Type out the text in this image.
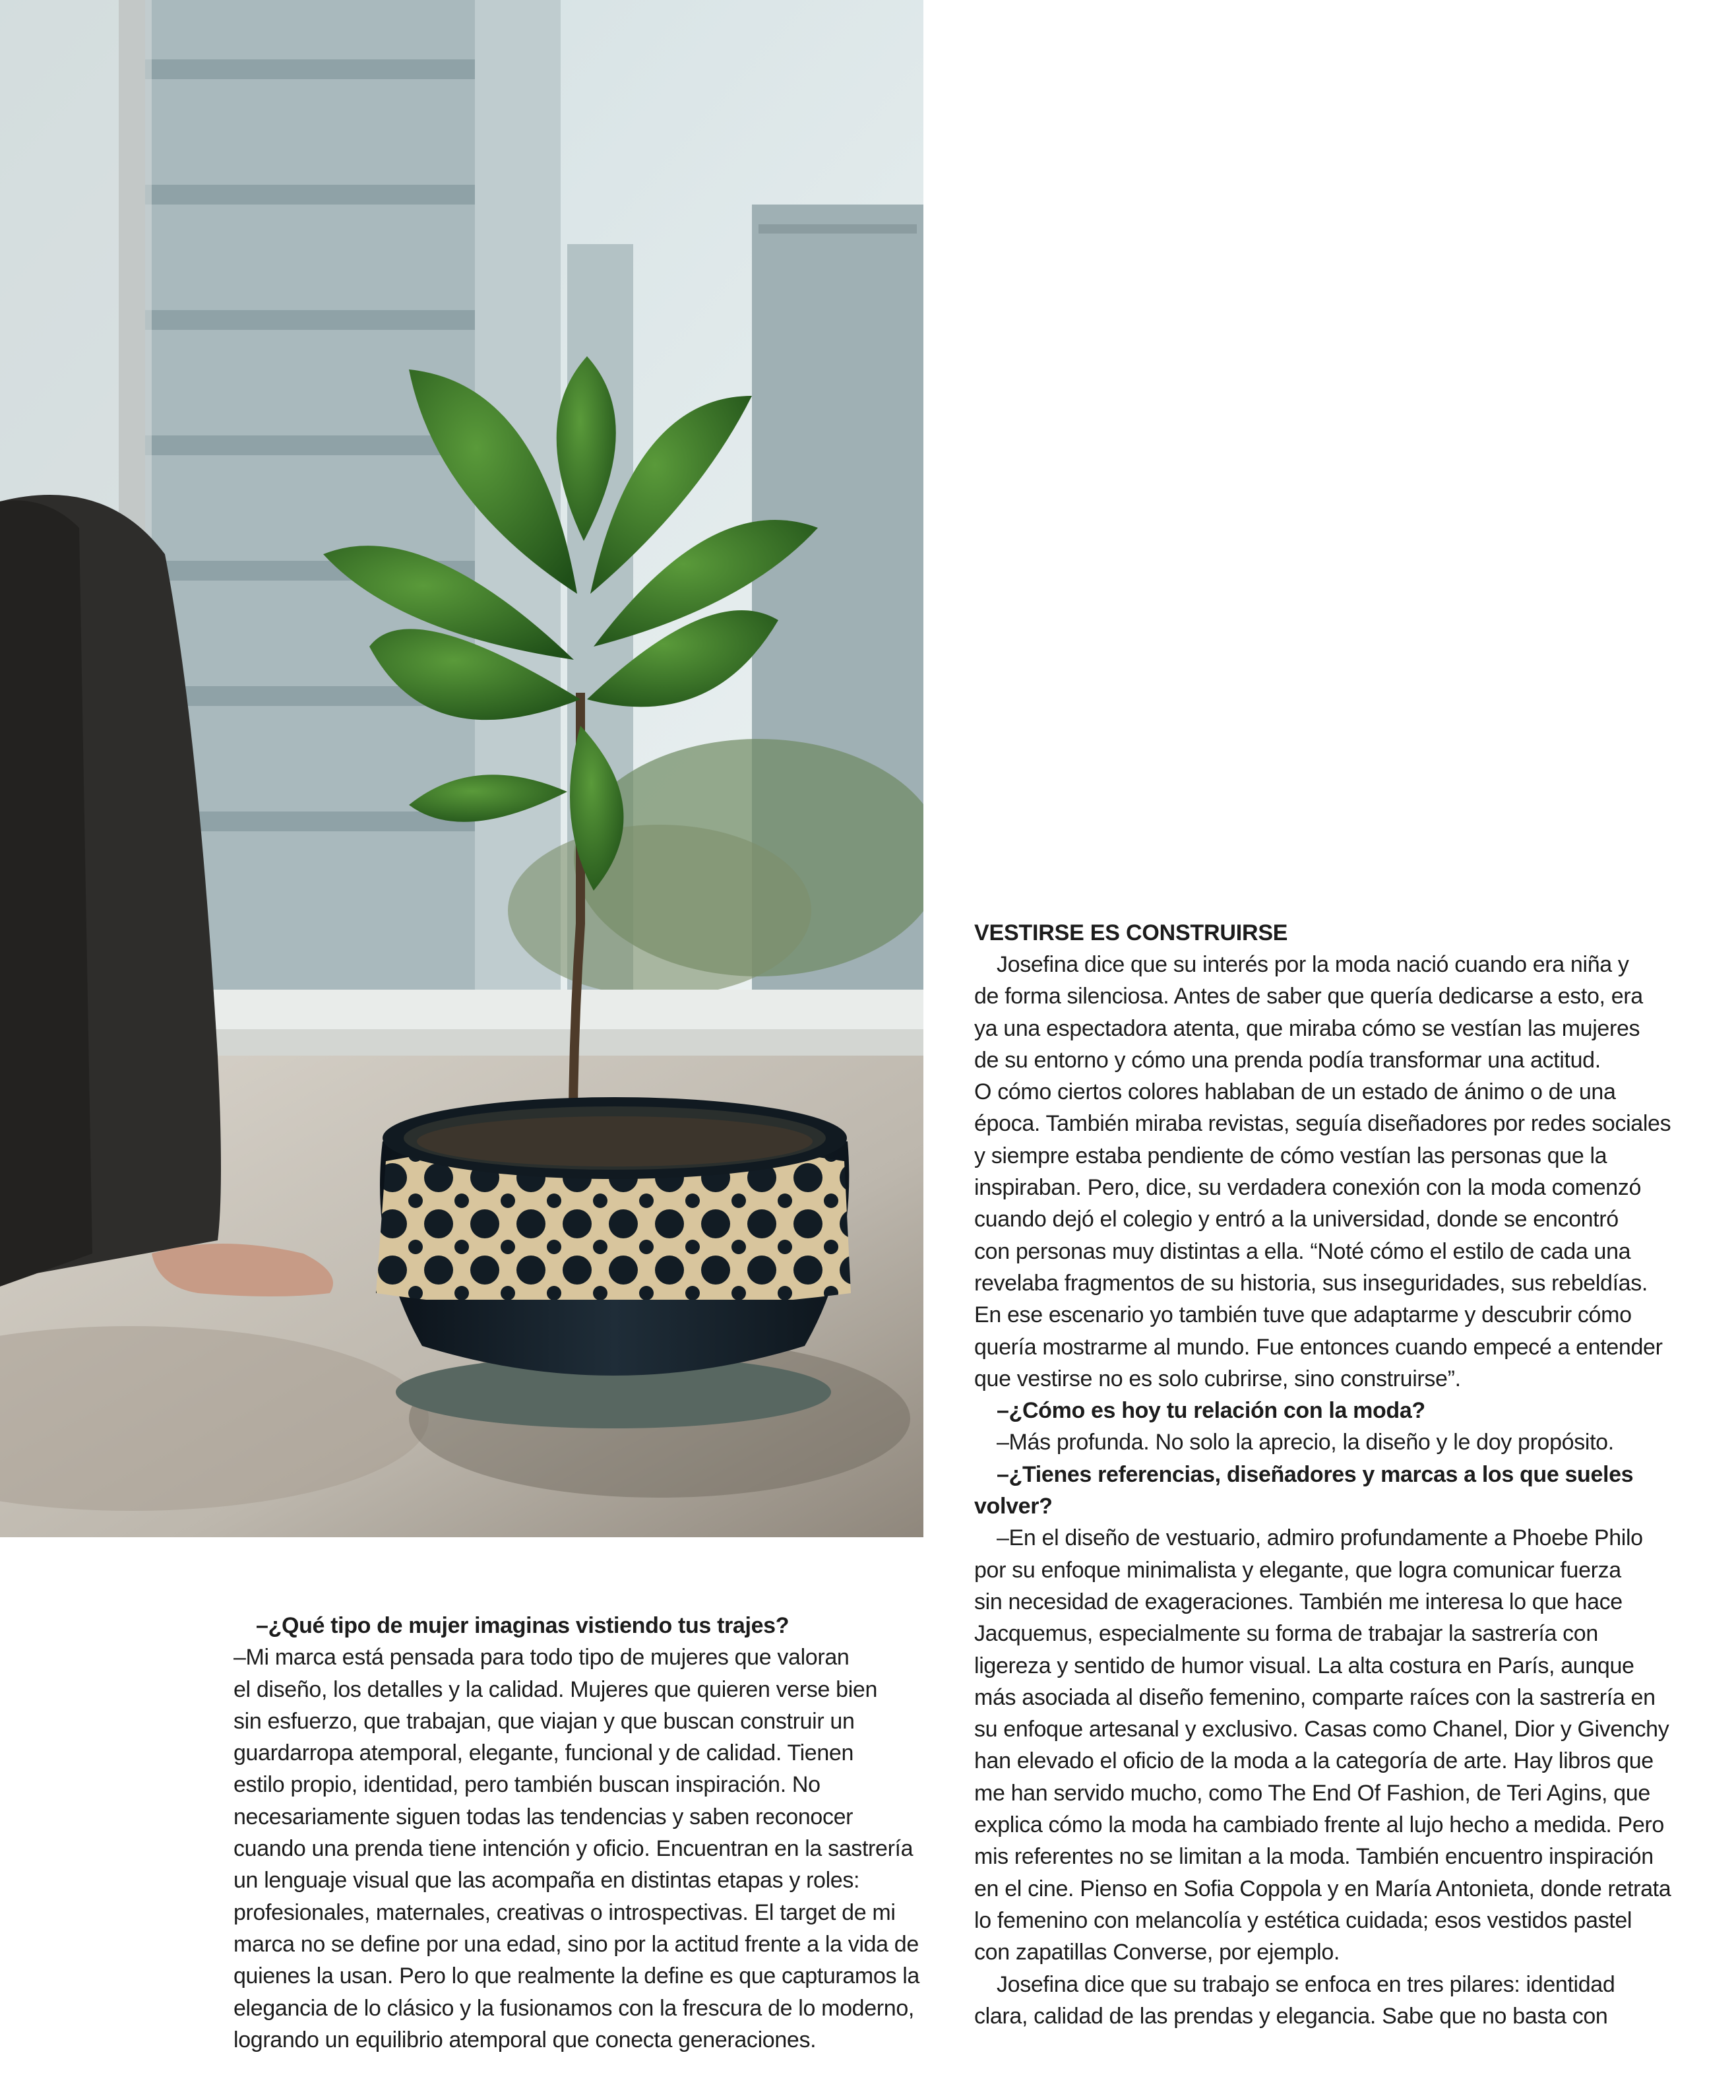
–¿Qué tipo de mujer imaginas vistiendo tus trajes?

–Mi marca está pensada para todo tipo de mujeres que valoran

el diseño, los detalles y la calidad. Mujeres que quieren verse bien

sin esfuerzo, que trabajan, que viajan y que buscan construir un

guardarropa atemporal, elegante, funcional y de calidad. Tienen

estilo propio, identidad, pero también buscan inspiración. No

necesariamente siguen todas las tendencias y saben reconocer

cuando una prenda tiene intención y oficio. Encuentran en la sastrería

un lenguaje visual que las acompaña en distintas etapas y roles:

profesionales, maternales, creativas o introspectivas. El target de mi

marca no se define por una edad, sino por la actitud frente a la vida de

quienes la usan. Pero lo que realmente la define es que capturamos la

elegancia de lo clásico y la fusionamos con la frescura de lo moderno,

logrando un equilibrio atemporal que conecta generaciones.

VESTIRSE ES CONSTRUIRSE

Josefina dice que su interés por la moda nació cuando era niña y

de forma silenciosa. Antes de saber que quería dedicarse a esto, era

ya una espectadora atenta, que miraba cómo se vestían las mujeres

de su entorno y cómo una prenda podía transformar una actitud.

O cómo ciertos colores hablaban de un estado de ánimo o de una

época. También miraba revistas, seguía diseñadores por redes sociales

y siempre estaba pendiente de cómo vestían las personas que la

inspiraban. Pero, dice, su verdadera conexión con la moda comenzó

cuando dejó el colegio y entró a la universidad, donde se encontró

con personas muy distintas a ella. “Noté cómo el estilo de cada una

revelaba fragmentos de su historia, sus inseguridades, sus rebeldías.

En ese escenario yo también tuve que adaptarme y descubrir cómo

quería mostrarme al mundo. Fue entonces cuando empecé a entender

que vestirse no es solo cubrirse, sino construirse”.

–¿Cómo es hoy tu relación con la moda?

–Más profunda. No solo la aprecio, la diseño y le doy propósito.

–¿Tienes referencias, diseñadores y marcas a los que sueles

volver?

–En el diseño de vestuario, admiro profundamente a Phoebe Philo

por su enfoque minimalista y elegante, que logra comunicar fuerza

sin necesidad de exageraciones. También me interesa lo que hace

Jacquemus, especialmente su forma de trabajar la sastrería con

ligereza y sentido de humor visual. La alta costura en París, aunque

más asociada al diseño femenino, comparte raíces con la sastrería en

su enfoque artesanal y exclusivo. Casas como Chanel, Dior y Givenchy

han elevado el oficio de la moda a la categoría de arte. Hay libros que

me han servido mucho, como The End Of Fashion, de Teri Agins, que

explica cómo la moda ha cambiado frente al lujo hecho a medida. Pero

mis referentes no se limitan a la moda. También encuentro inspiración

en el cine. Pienso en Sofia Coppola y en María Antonieta, donde retrata

lo femenino con melancolía y estética cuidada; esos vestidos pastel

con zapatillas Converse, por ejemplo.

Josefina dice que su trabajo se enfoca en tres pilares: identidad

clara, calidad de las prendas y elegancia. Sabe que no basta con
